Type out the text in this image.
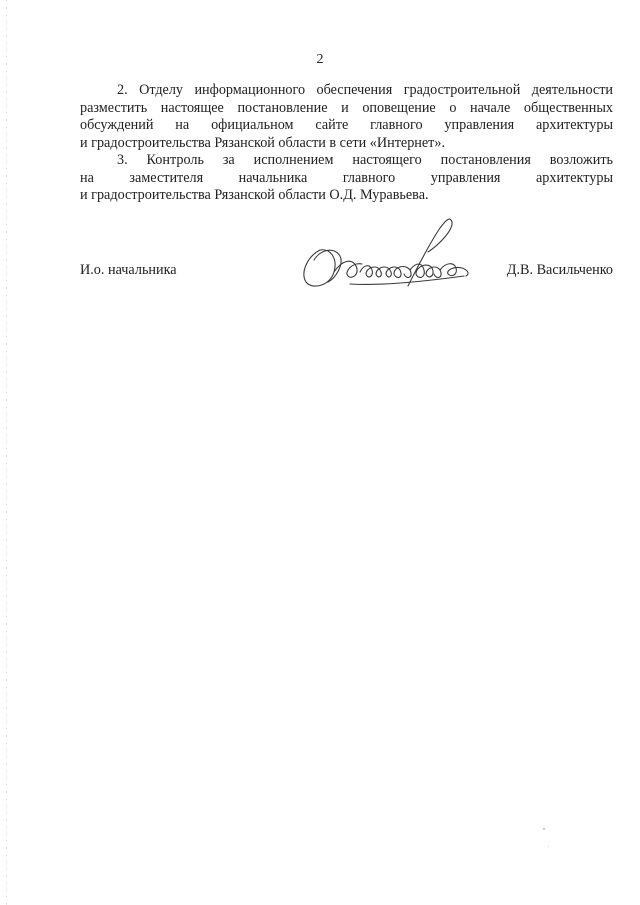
2

2. Отделу информационного обеспечения градостроительной деятельности
разместить настоящее постановление и оповещение о начале общественных
обсуждений на официальном сайте главного управления архитектуры
и градостроительства Рязанской области в сети «Интернет».

3. Контроль за исполнением настоящего постановления возложить
на заместителя начальника главного управления архитектуры
и градостроительства Рязанской области О.Д. Муравьева.

И.о. начальника	Д.В. Васильченко
